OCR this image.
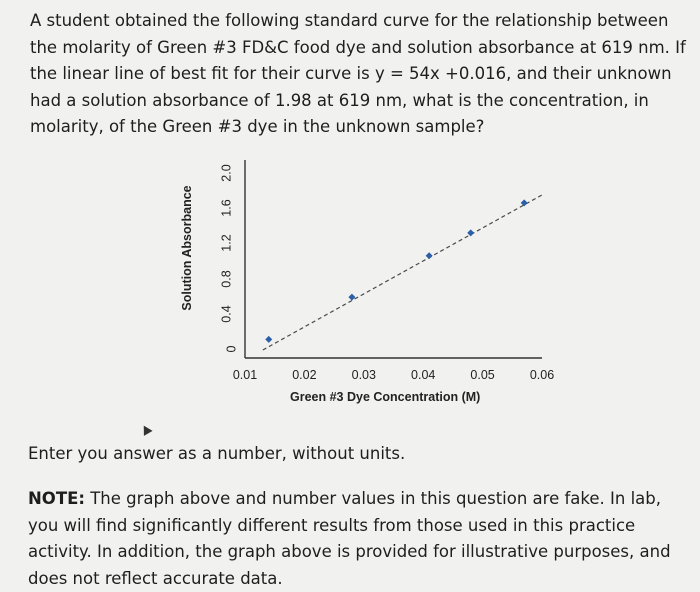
A student obtained the following standard curve for the relationship between the molarity of Green #3 FD&C food dye and solution absorbance at 619 nm. If the linear line of best fit for their curve is y = 54x +0.016, and their unknown had a solution absorbance of 1.98 at 619 nm, what is the concentration, in molarity, of the Green #3 dye in the unknown sample?
Solution Absorbance
0
0.4
0.8
1.2
1.6
2.0
0.01	0.02	0.03	0.04	0.05	0.06
Green #3 Dye Concentration (M)
Enter you answer as a number, without units.
NOTE: The graph above and number values in this question are fake. In lab, you will find significantly different results from those used in this practice activity. In addition, the graph above is provided for illustrative purposes, and does not reflect accurate data.
